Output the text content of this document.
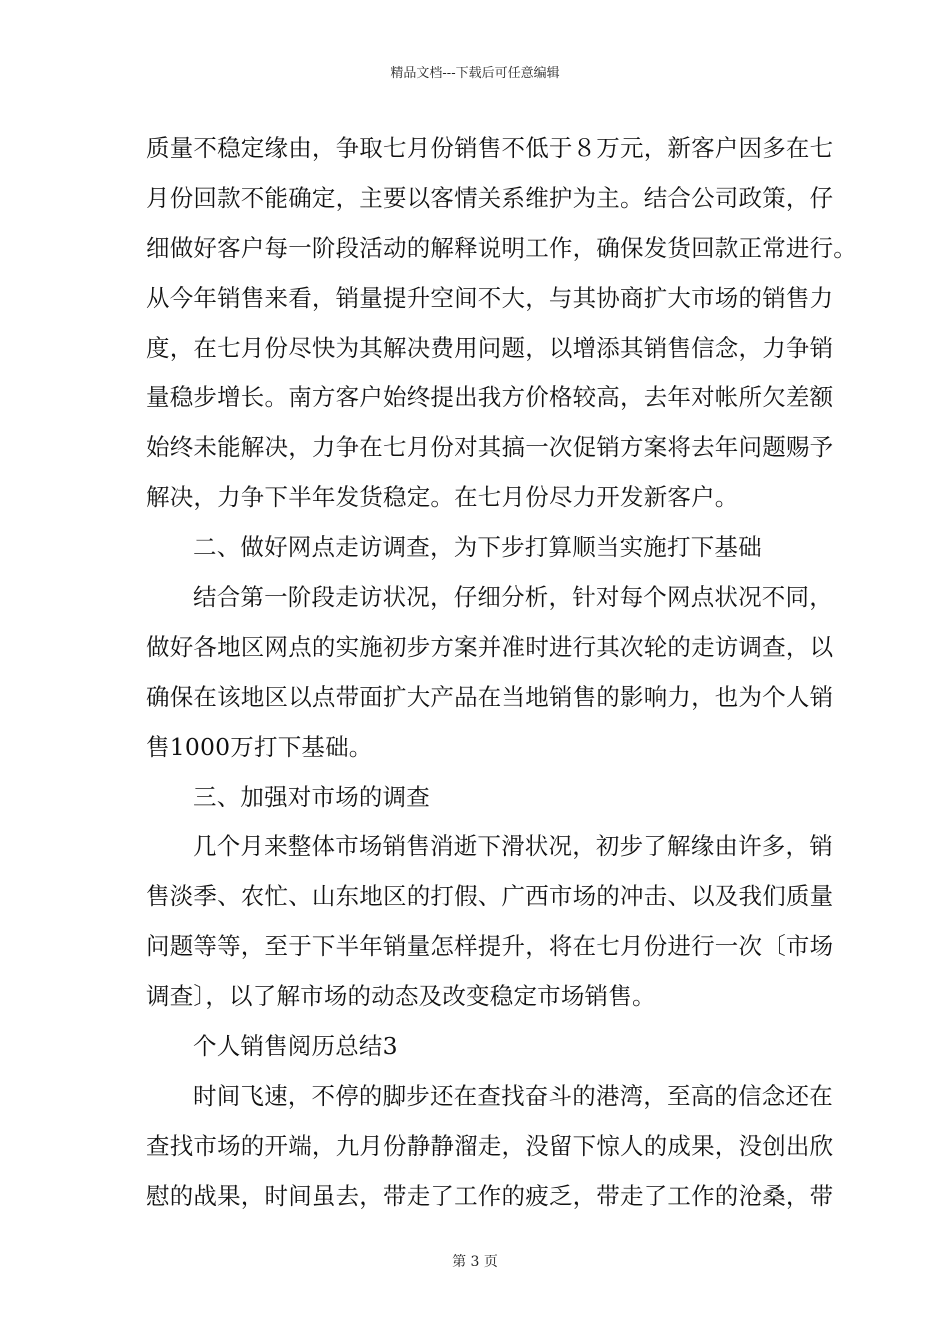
精品文档---下载后可任意编辑
质量不稳定缘由，争取七月份销售不低于８万元，新客户因多在七
月份回款不能确定，主要以客情关系维护为主。结合公司政策，仔
细做好客户每一阶段活动的解释说明工作，确保发货回款正常进行。
从今年销售来看，销量提升空间不大，与其协商扩大市场的销售力
度，在七月份尽快为其解决费用问题，以增添其销售信念，力争销
量稳步增长。南方客户始终提出我方价格较高，去年对帐所欠差额
始终未能解决，力争在七月份对其搞一次促销方案将去年问题赐予
解决，力争下半年发货稳定。在七月份尽力开发新客户。
二、做好网点走访调查，为下步打算顺当实施打下基础
结合第一阶段走访状况，仔细分析，针对每个网点状况不同，
做好各地区网点的实施初步方案并准时进行其次轮的走访调查，以
确保在该地区以点带面扩大产品在当地销售的影响力，也为个人销
售1000万打下基础。
三、加强对市场的调查
几个月来整体市场销售消逝下滑状况，初步了解缘由许多，销
售淡季、农忙、山东地区的打假、广西市场的冲击、以及我们质量
问题等等，至于下半年销量怎样提升，将在七月份进行一次〔市场
调查〕，以了解市场的动态及改变稳定市场销售。
个人销售阅历总结3
时间飞速，不停的脚步还在查找奋斗的港湾，至高的信念还在
查找市场的开端，九月份静静溜走，没留下惊人的成果，没创出欣
慰的战果，时间虽去，带走了工作的疲乏，带走了工作的沧桑，带
第 3 页
